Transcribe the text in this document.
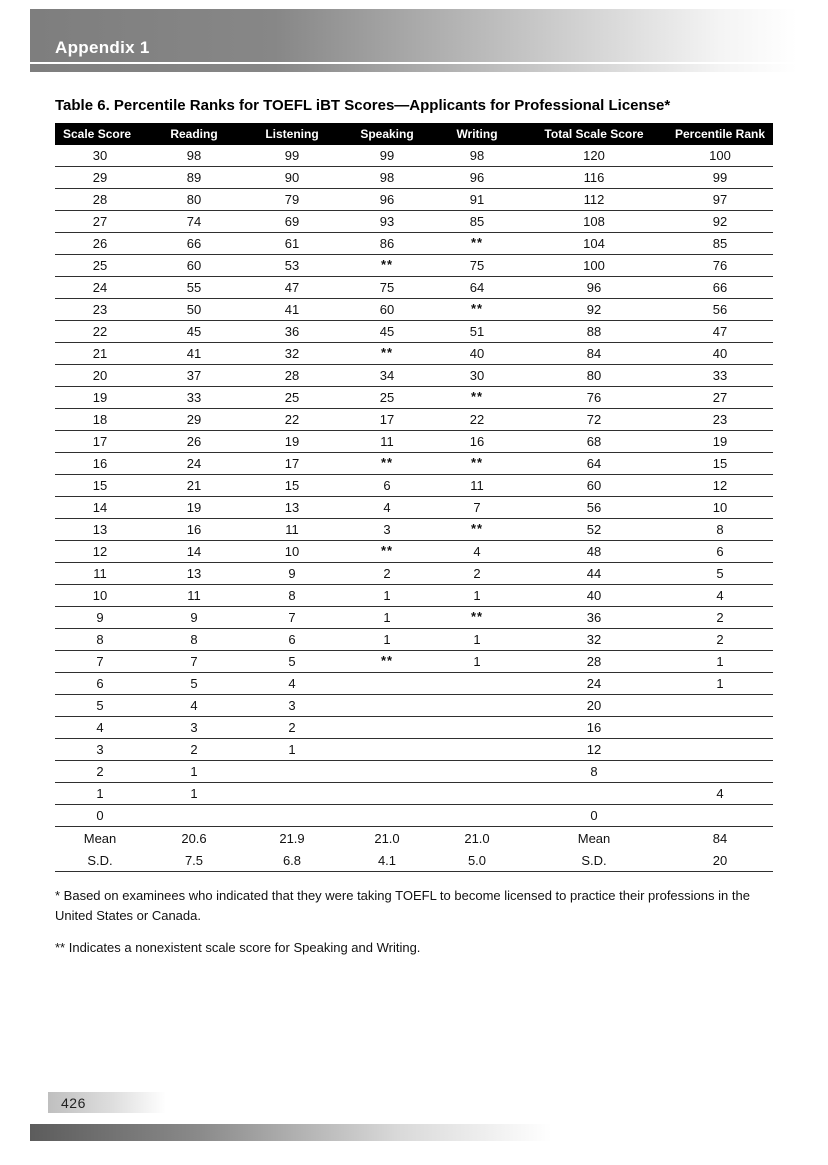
Appendix 1
Table 6. Percentile Ranks for TOEFL iBT Scores—Applicants for Professional License*
Scale Score	Reading	Listening	Speaking	Writing	Total Scale Score	Percentile Rank
30	98	99	99	98	120	100
29	89	90	98	96	116	99
28	80	79	96	91	112	97
27	74	69	93	85	108	92
26	66	61	86	**	104	85
25	60	53	**	75	100	76
24	55	47	75	64	96	66
23	50	41	60	**	92	56
22	45	36	45	51	88	47
21	41	32	**	40	84	40
20	37	28	34	30	80	33
19	33	25	25	**	76	27
18	29	22	17	22	72	23
17	26	19	11	16	68	19
16	24	17	**	**	64	15
15	21	15	6	11	60	12
14	19	13	4	7	56	10
13	16	11	3	**	52	8
12	14	10	**	4	48	6
11	13	9	2	2	44	5
10	11	8	1	1	40	4
9	9	7	1	**	36	2
8	8	6	1	1	32	2
7	7	5	**	1	28	1
6	5	4			24	1
5	4	3			20	
4	3	2			16	
3	2	1			12	
2	1				8	
1	1					4
0					0	
Mean	20.6	21.9	21.0	21.0	Mean	84
S.D.	7.5	6.8	4.1	5.0	S.D.	20

* Based on examinees who indicated that they were taking TOEFL to become licensed to practice their professions in the United States or Canada.

** Indicates a nonexistent scale score for Speaking and Writing.

426
